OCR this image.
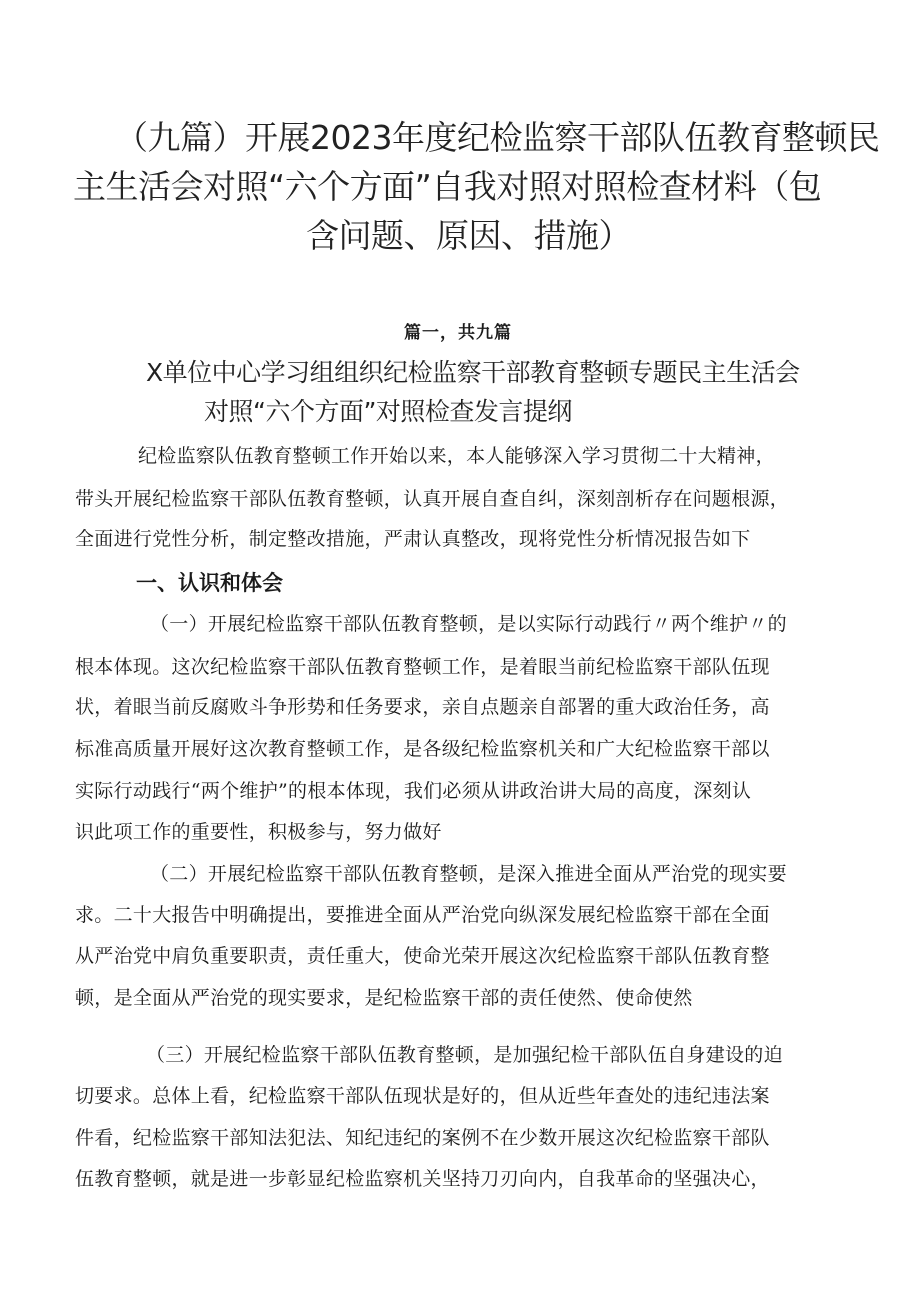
（九篇）开展2023年度纪检监察干部队伍教育整顿民
主生活会对照“六个方面”自我对照对照检查材料（包
含问题、原因、措施）
篇一，共九篇
X单位中心学习组组织纪检监察干部教育整顿专题民主生活会
对照“六个方面”对照检查发言提纲
纪检监察队伍教育整顿工作开始以来，本人能够深入学习贯彻二十大精神，
带头开展纪检监察干部队伍教育整顿，认真开展自查自纠，深刻剖析存在问题根源，
全面进行党性分析，制定整改措施，严肃认真整改，现将党性分析情况报告如下
一、认识和体会
（一）开展纪检监察干部队伍教育整顿，是以实际行动践行〃两个维护〃的
根本体现。这次纪检监察干部队伍教育整顿工作，是着眼当前纪检监察干部队伍现
状，着眼当前反腐败斗争形势和任务要求，亲自点题亲自部署的重大政治任务，高
标准高质量开展好这次教育整顿工作，是各级纪检监察机关和广大纪检监察干部以
实际行动践行“两个维护”的根本体现，我们必须从讲政治讲大局的高度，深刻认
识此项工作的重要性，积极参与，努力做好
（二）开展纪检监察干部队伍教育整顿，是深入推进全面从严治党的现实要
求。二十大报告中明确提出，要推进全面从严治党向纵深发展纪检监察干部在全面
从严治党中肩负重要职责，责任重大，使命光荣开展这次纪检监察干部队伍教育整
顿，是全面从严治党的现实要求，是纪检监察干部的责任使然、使命使然
（三）开展纪检监察干部队伍教育整顿，是加强纪检干部队伍自身建设的迫
切要求。总体上看，纪检监察干部队伍现状是好的，但从近些年查处的违纪违法案
件看，纪检监察干部知法犯法、知纪违纪的案例不在少数开展这次纪检监察干部队
伍教育整顿，就是进一步彰显纪检监察机关坚持刀刃向内，自我革命的坚强决心，
